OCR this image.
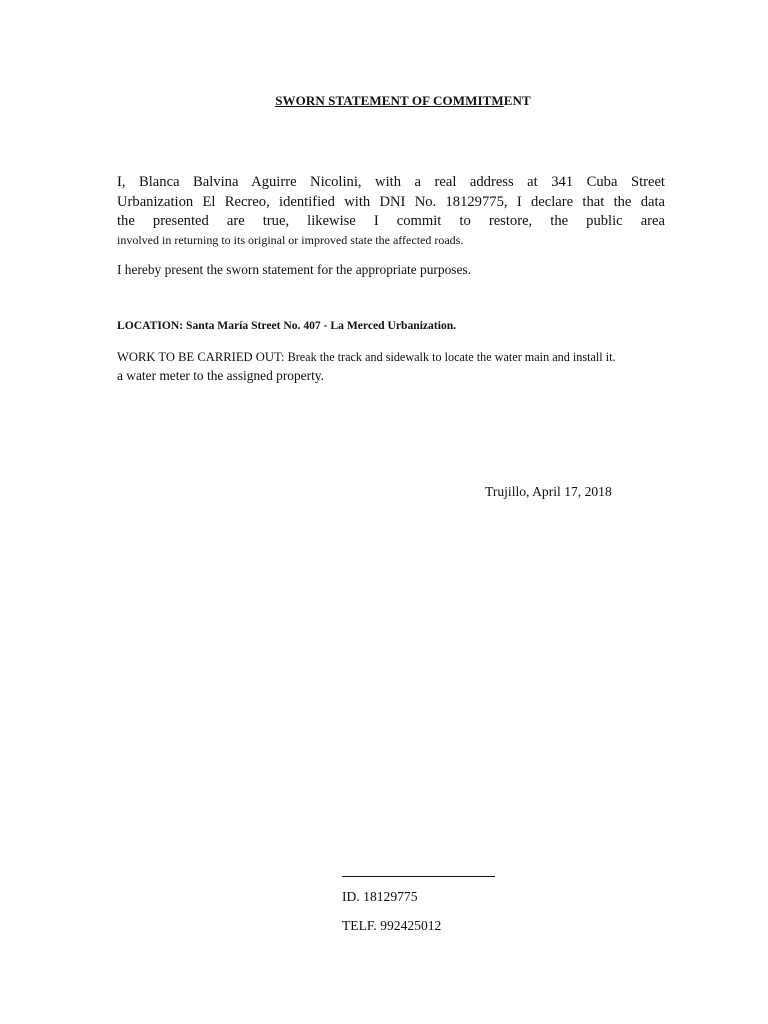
SWORN STATEMENT OF COMMITMENT
I, Blanca Balvina Aguirre Nicolini, with a real address at 341 Cuba Street
Urbanization El Recreo, identified with DNI No. 18129775, I declare that the data
the presented are true, likewise I commit to restore, the public area
involved in returning to its original or improved state the affected roads.
I hereby present the sworn statement for the appropriate purposes.
LOCATION: Santa María Street No. 407 - La Merced Urbanization.
WORK TO BE CARRIED OUT: Break the track and sidewalk to locate the water main and install it.
a water meter to the assigned property.
Trujillo, April 17, 2018
ID. 18129775
TELF. 992425012
